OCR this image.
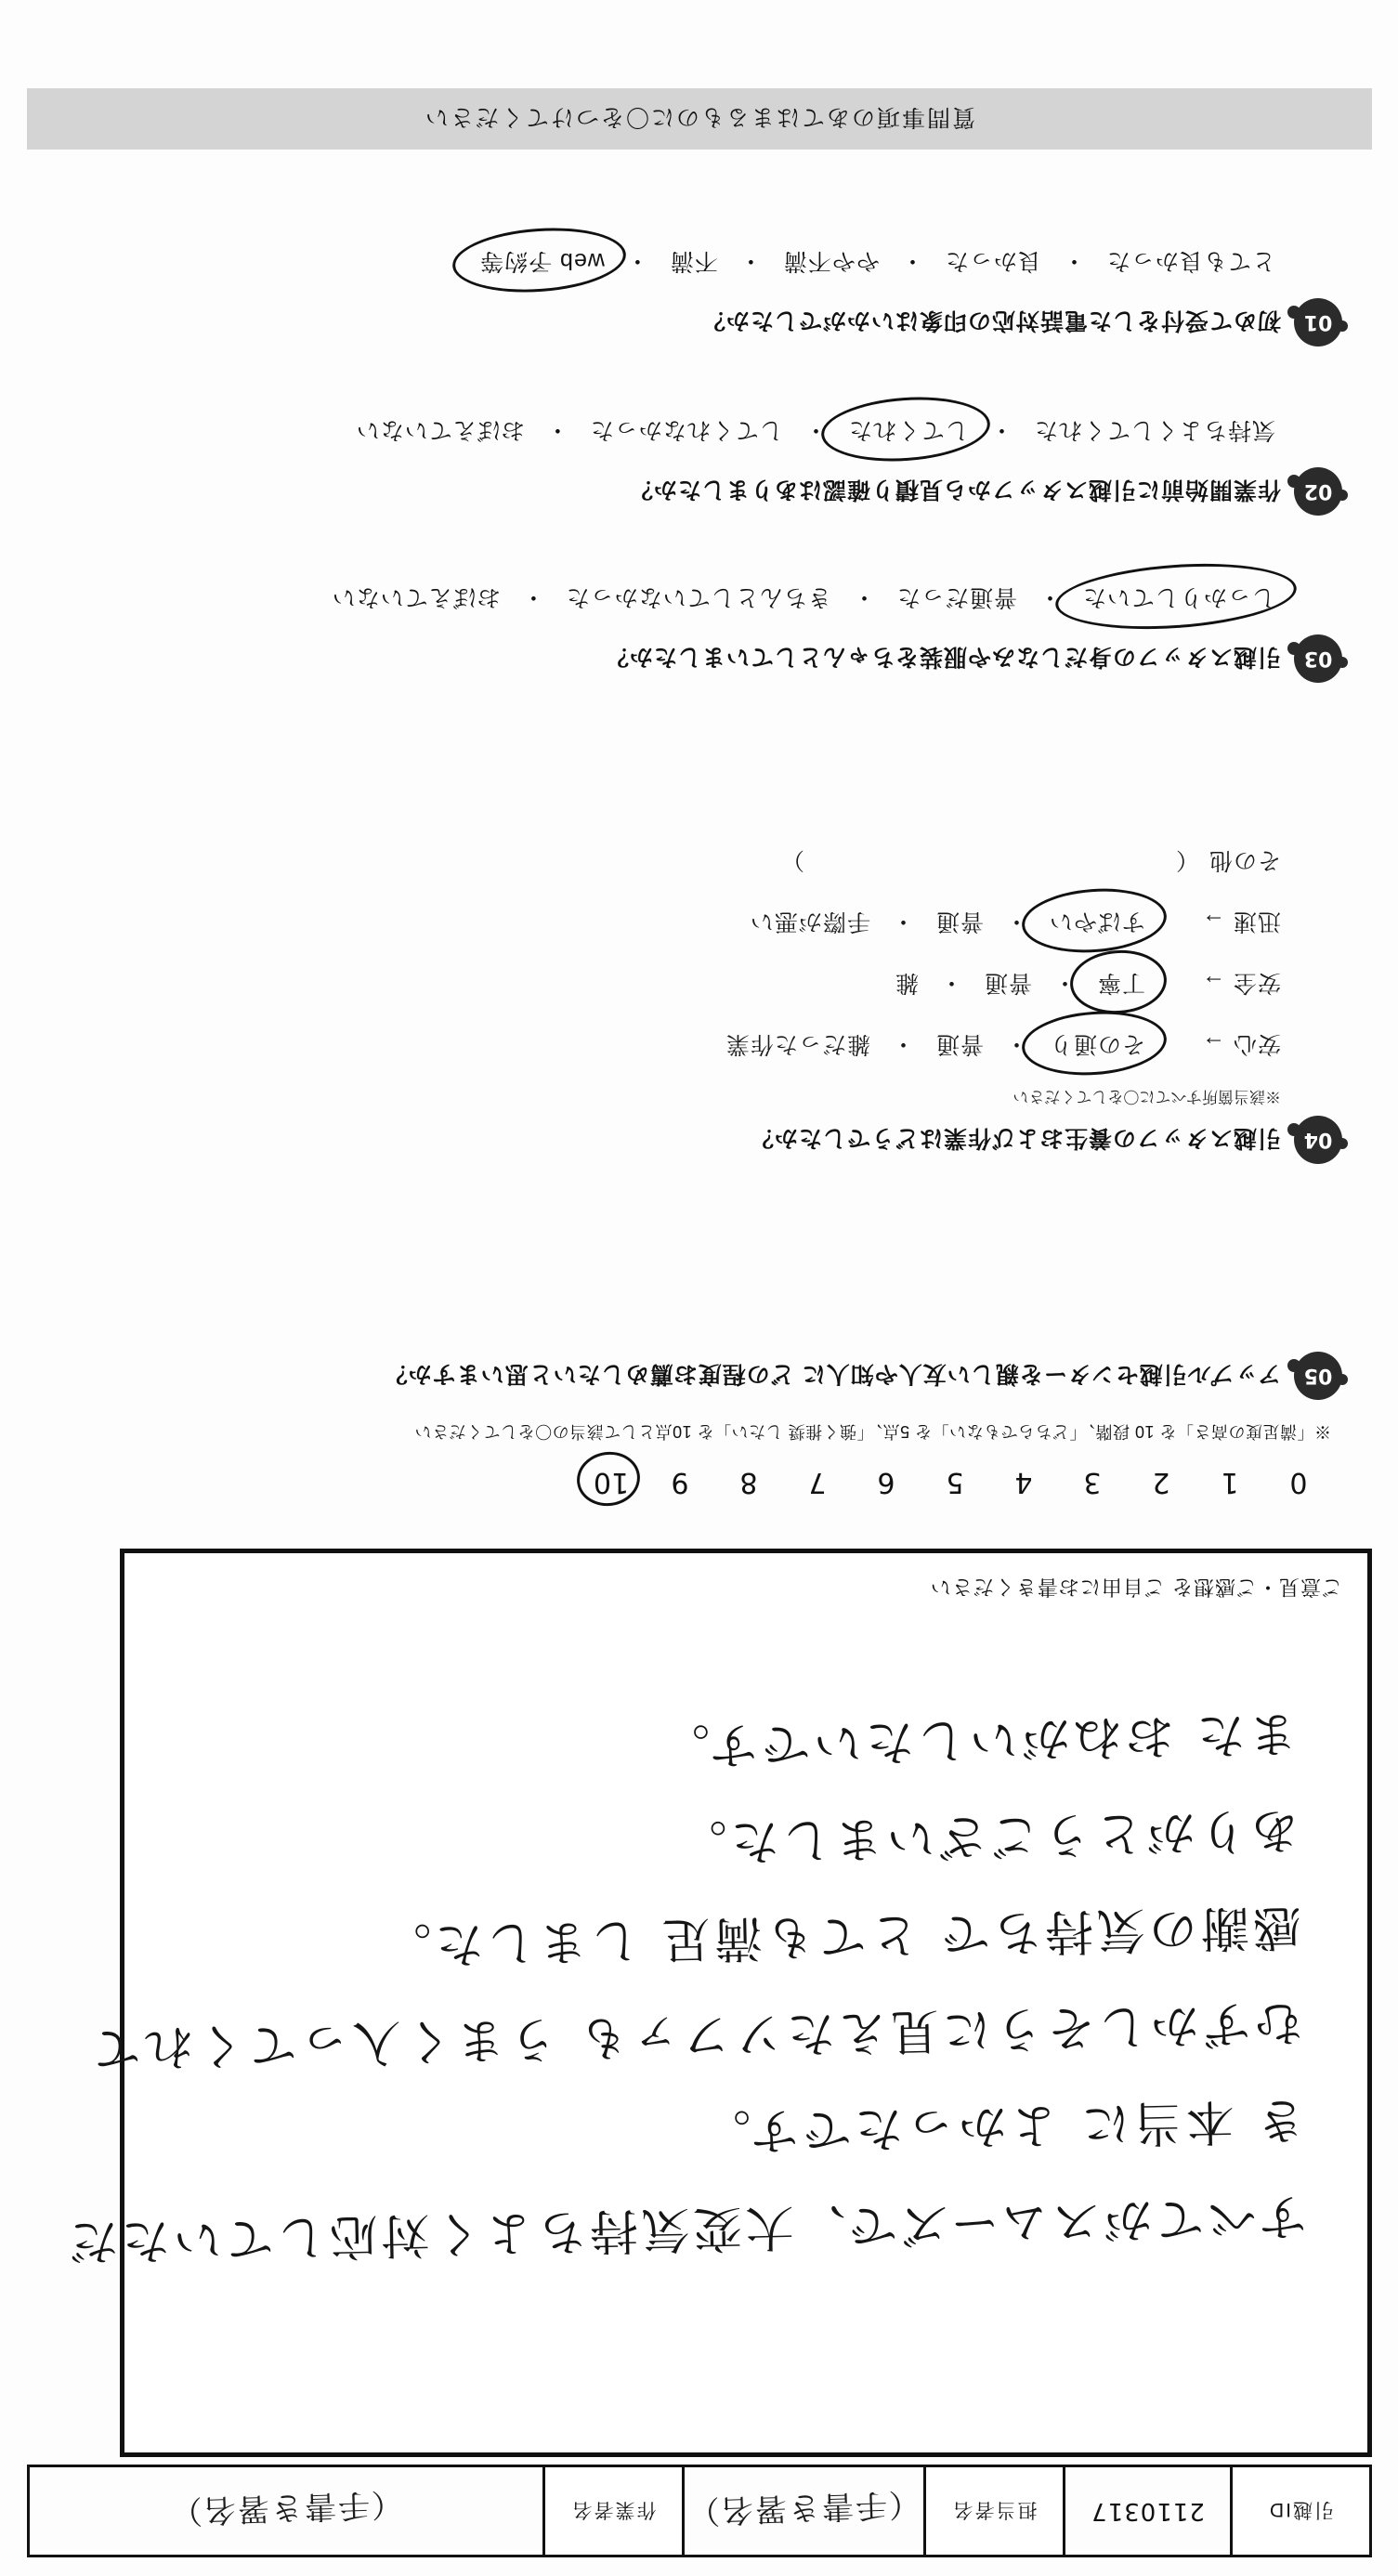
引越ID
2110317
担当者名
（手書き署名）
作業者名
（手書き署名）
すべてがスムーズで、大変気持ちよく対応していただ
き 本当に よかったです。
むずかしそうに見えたソファも うまく入ってくれて
感謝の気持ちで とても満足 しました。
ありがとうございました。
また おねがいしたいです。
ご意見・ご感想を ご自由にお書きください
0
1
2
3
4
5
6
7
8
9
10
※「満足度の高さ」を 10 段階、「どちらでもない」を 5点、「強く推奨 したい」を 10点として該当の〇をしてください
05
アップル引越センターを親しい友人や知人に どの程度お薦めしたいと思いますか？
04
引越スタッフの養生および作業はどうでしたか？
※該当箇所すべてに〇をしてください
安心 →
その通り
・
普通
・
雑だった作業
安全 →
丁寧
・
普通
・
雑
迅速 →
すばやい
・
普通
・
手際が悪い
その他
（　　　　　　　　　　　　　　　　）
03
引越スタッフの身だしなみや服装をちゃんとしていましたか？
しっかりしていた
・
普通だった
・
きちんとしていなかった
・
おぼえていない
02
作業開始前に引越スタッフから見積り確認はありましたか？
気持ちよくしてくれた
・
してくれた
・
してくれなかった
・
おぼえていない
01
初めて受付をした電話対応の印象はいかがでしたか？
とても良かった
・
良かった
・
やや不満
・
不満
・
web 予約等
質問事項のあてはまるものに〇をつけてください
